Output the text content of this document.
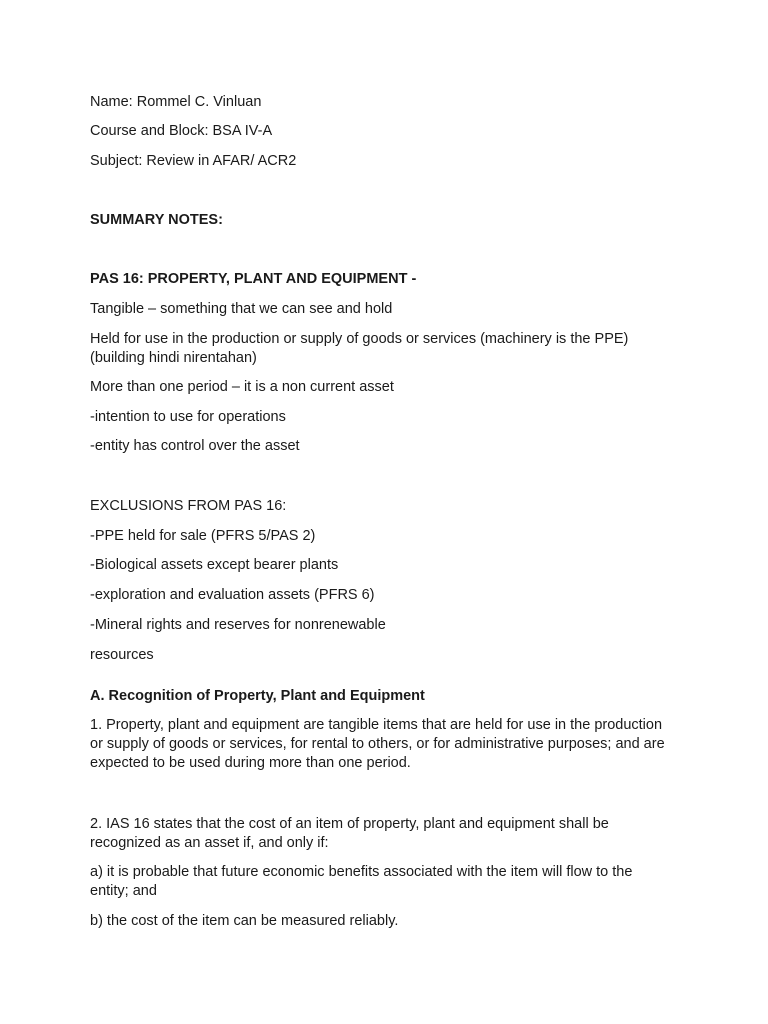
Name: Rommel C. Vinluan
Course and Block: BSA IV-A
Subject: Review in AFAR/ ACR2
SUMMARY NOTES:
PAS 16: PROPERTY, PLANT AND EQUIPMENT -
Tangible – something that we can see and hold
Held for use in the production or supply of goods or services (machinery is the PPE) (building hindi nirentahan)
More than one period – it is a non current asset
-intention to use for operations
-entity has control over the asset
EXCLUSIONS FROM PAS 16:
-PPE held for sale (PFRS 5/PAS 2)
-Biological assets except bearer plants
-exploration and evaluation assets (PFRS 6)
-Mineral rights and reserves for nonrenewable
resources
A. Recognition of Property, Plant and Equipment
1. Property, plant and equipment are tangible items that are held for use in the production or supply of goods or services, for rental to others, or for administrative purposes; and are expected to be used during more than one period.
2. IAS 16 states that the cost of an item of property, plant and equipment shall be recognized as an asset if, and only if:
a) it is probable that future economic benefits associated with the item will flow to the entity; and
b) the cost of the item can be measured reliably.
